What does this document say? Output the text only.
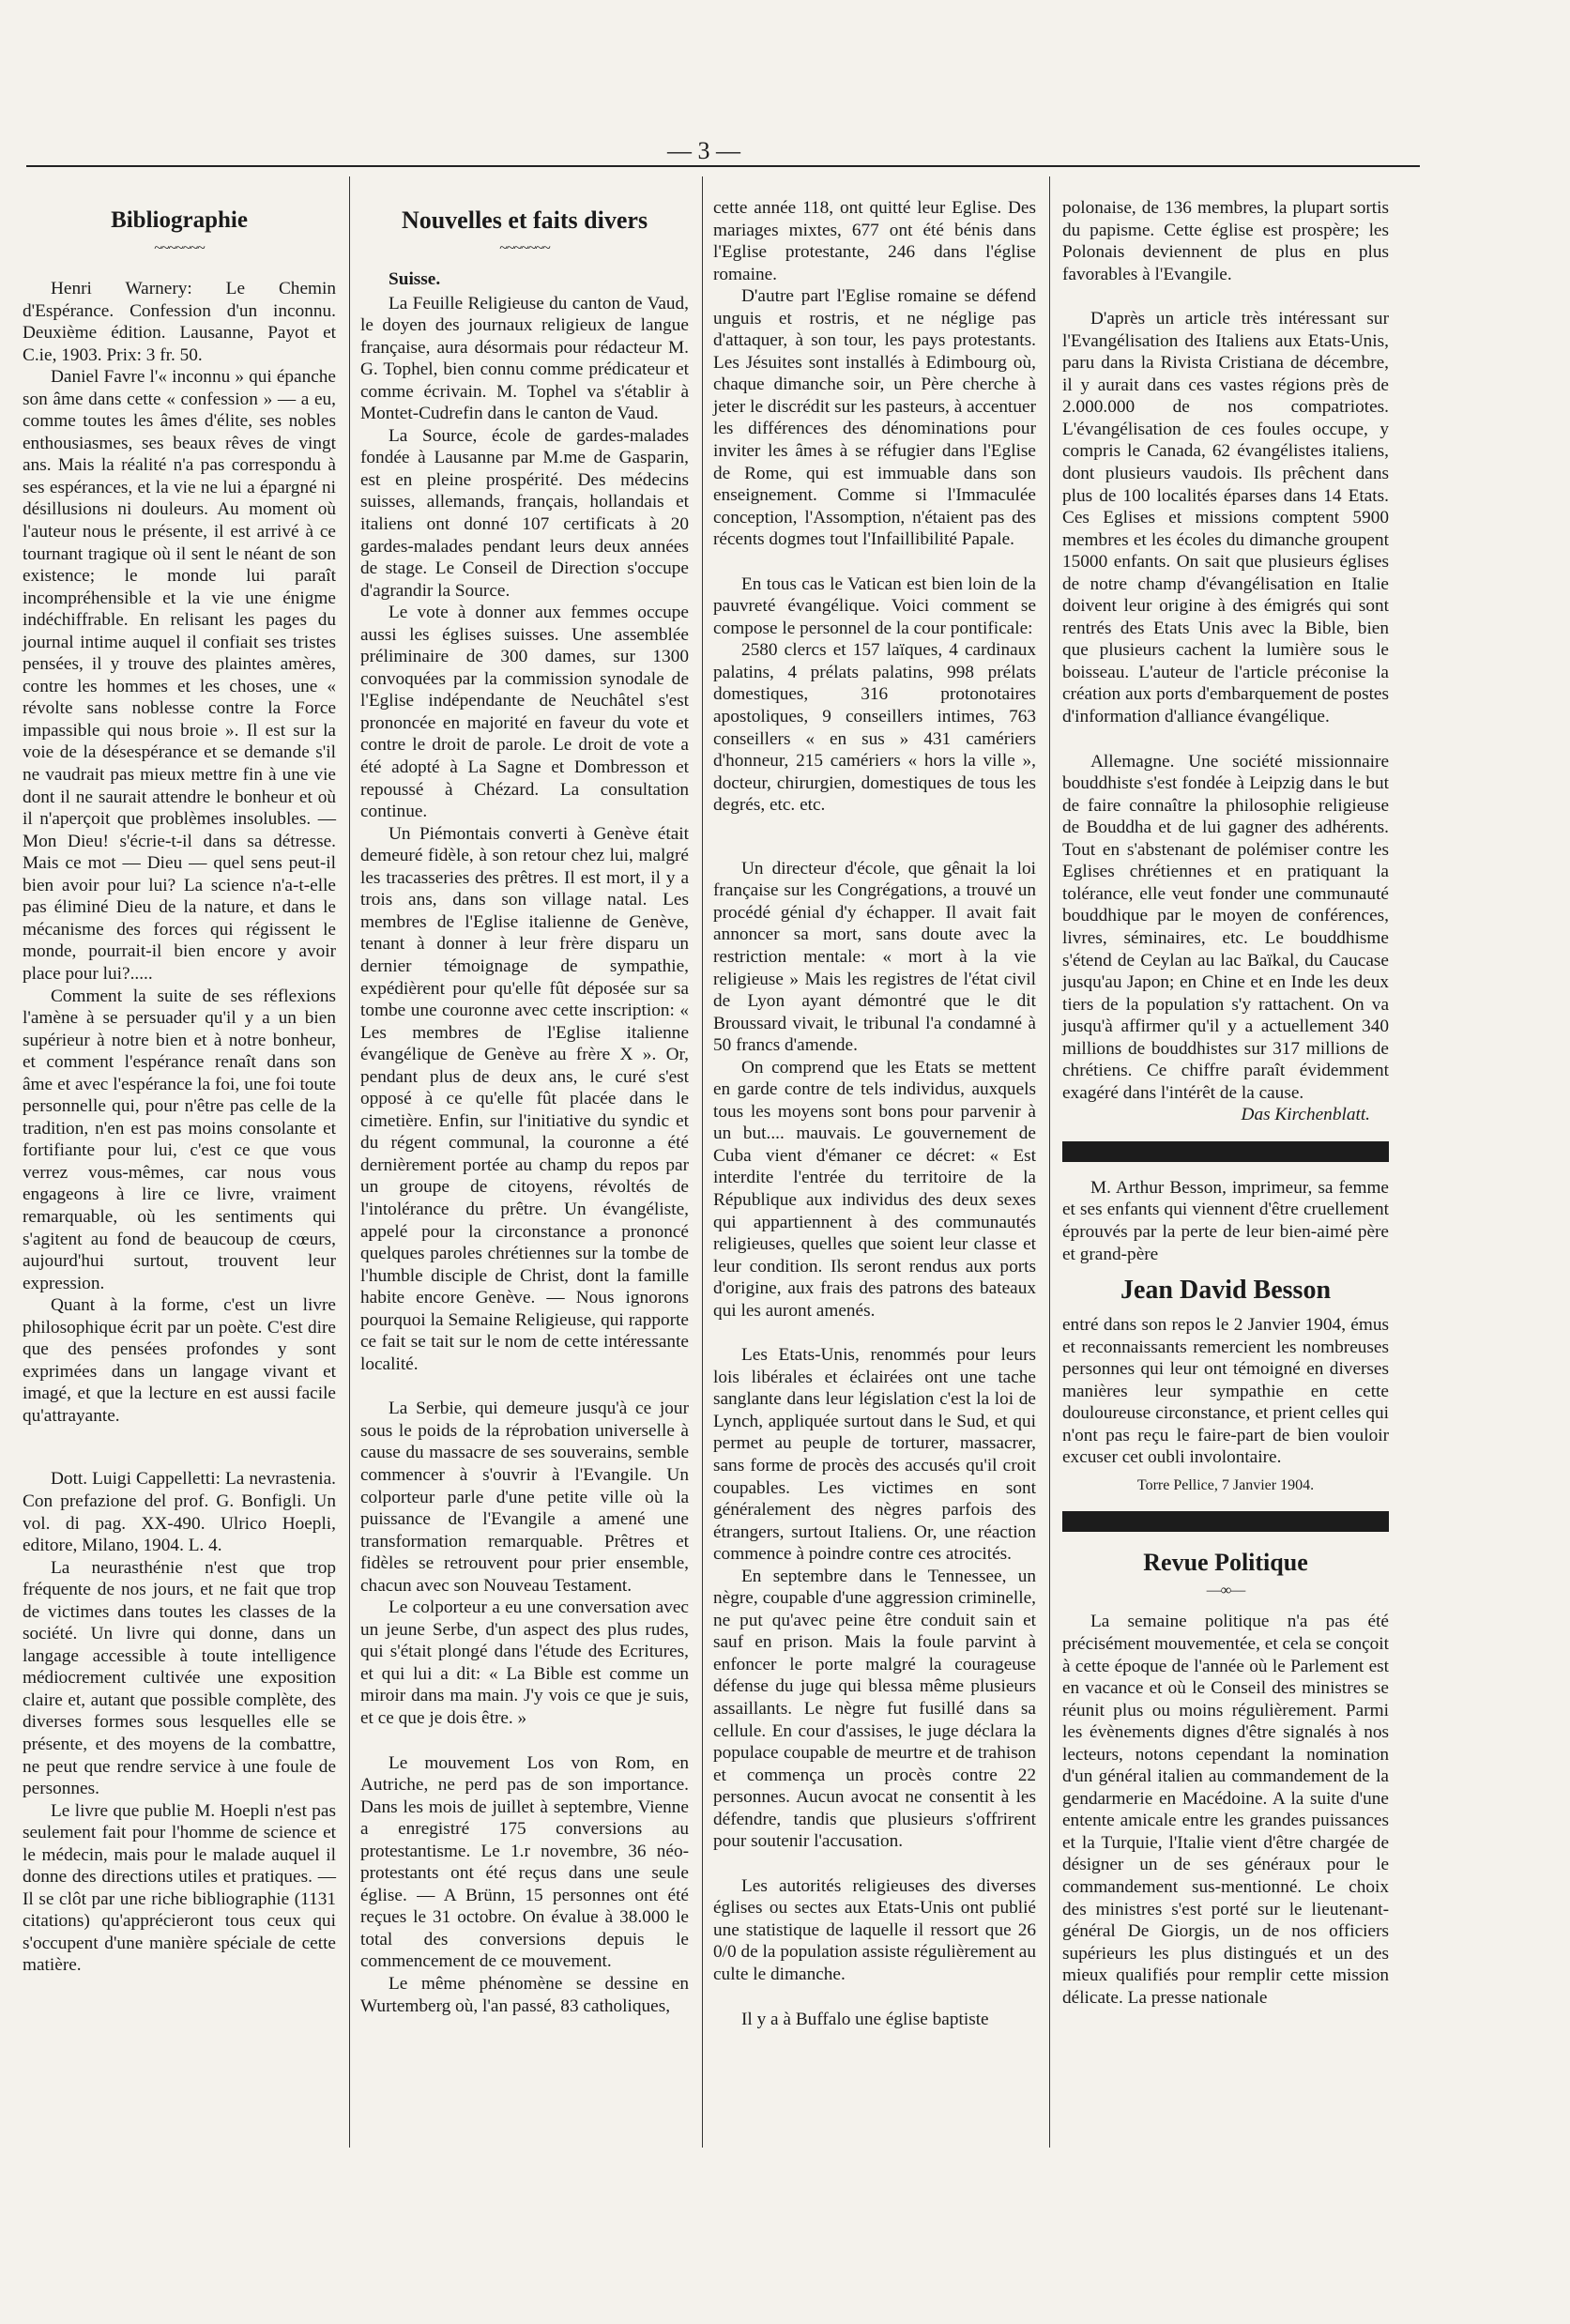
— 3 —
Bibliographie
~~~~~~~

Henri Warnery: Le Chemin d'Espérance. Confession d'un inconnu. Deuxième édition. Lausanne, Payot et C.ie, 1903. Prix: 3 fr. 50.

Daniel Favre l'« inconnu » qui épanche son âme dans cette « confession » — a eu, comme toutes les âmes d'élite, ses nobles enthousiasmes, ses beaux rêves de vingt ans. Mais la réalité n'a pas correspondu à ses espérances, et la vie ne lui a épargné ni désillusions ni douleurs. Au moment où l'auteur nous le présente, il est arrivé à ce tournant tragique où il sent le néant de son existence; le monde lui paraît incompréhensible et la vie une énigme indéchiffrable. En relisant les pages du journal intime auquel il confiait ses tristes pensées, il y trouve des plaintes amères, contre les hommes et les choses, une « révolte sans noblesse contre la Force impassible qui nous broie ». Il est sur la voie de la désespérance et se demande s'il ne vaudrait pas mieux mettre fin à une vie dont il ne saurait attendre le bonheur et où il n'aperçoit que problèmes insolubles. — Mon Dieu! s'écrie-t-il dans sa détresse. Mais ce mot — Dieu — quel sens peut-il bien avoir pour lui? La science n'a-t-elle pas éliminé Dieu de la nature, et dans le mécanisme des forces qui régissent le monde, pourrait-il bien encore y avoir place pour lui?.....

Comment la suite de ses réflexions l'amène à se persuader qu'il y a un bien supérieur à notre bien et à notre bonheur, et comment l'espérance renaît dans son âme et avec l'espérance la foi, une foi toute personnelle qui, pour n'être pas celle de la tradition, n'en est pas moins consolante et fortifiante pour lui, c'est ce que vous verrez vous-mêmes, car nous vous engageons à lire ce livre, vraiment remarquable, où les sentiments qui s'agitent au fond de beaucoup de cœurs, aujourd'hui surtout, trouvent leur expression.

Quant à la forme, c'est un livre philosophique écrit par un poète. C'est dire que des pensées profondes y sont exprimées dans un langage vivant et imagé, et que la lecture en est aussi facile qu'attrayante.

Dott. Luigi Cappelletti: La nevrastenia. Con prefazione del prof. G. Bonfigli. Un vol. di pag. XX-490. Ulrico Hoepli, editore, Milano, 1904. L. 4.

La neurasthénie n'est que trop fréquente de nos jours, et ne fait que trop de victimes dans toutes les classes de la société. Un livre qui donne, dans un langage accessible à toute intelligence médiocrement cultivée une exposition claire et, autant que possible complète, des diverses formes sous lesquelles elle se présente, et des moyens de la combattre, ne peut que rendre service à une foule de personnes.

Le livre que publie M. Hoepli n'est pas seulement fait pour l'homme de science et le médecin, mais pour le malade auquel il donne des directions utiles et pratiques. — Il se clôt par une riche bibliographie (1131 citations) qu'apprécieront tous ceux qui s'occupent d'une manière spéciale de cette matière.

Nouvelles et faits divers
~~~~~~~
Suisse.

La Feuille Religieuse du canton de Vaud, le doyen des journaux religieux de langue française, aura désormais pour rédacteur M. G. Tophel, bien connu comme prédicateur et comme écrivain. M. Tophel va s'établir à Montet-Cudrefin dans le canton de Vaud.

La Source, école de gardes-malades fondée à Lausanne par M.me de Gasparin, est en pleine prospérité. Des médecins suisses, allemands, français, hollandais et italiens ont donné 107 certificats à 20 gardes-malades pendant leurs deux années de stage. Le Conseil de Direction s'occupe d'agrandir la Source.

Le vote à donner aux femmes occupe aussi les églises suisses. Une assemblée préliminaire de 300 dames, sur 1300 convoquées par la commission synodale de l'Eglise indépendante de Neuchâtel s'est prononcée en majorité en faveur du vote et contre le droit de parole. Le droit de vote a été adopté à La Sagne et Dombresson et repoussé à Chézard. La consultation continue.

Un Piémontais converti à Genève était demeuré fidèle, à son retour chez lui, malgré les tracasseries des prêtres. Il est mort, il y a trois ans, dans son village natal. Les membres de l'Eglise italienne de Genève, tenant à donner à leur frère disparu un dernier témoignage de sympathie, expédièrent pour qu'elle fût déposée sur sa tombe une couronne avec cette inscription: « Les membres de l'Eglise italienne évangélique de Genève au frère X ». Or, pendant plus de deux ans, le curé s'est opposé à ce qu'elle fût placée dans le cimetière. Enfin, sur l'initiative du syndic et du régent communal, la couronne a été dernièrement portée au champ du repos par un groupe de citoyens, révoltés de l'intolérance du prêtre. Un évangéliste, appelé pour la circonstance a prononcé quelques paroles chrétiennes sur la tombe de l'humble disciple de Christ, dont la famille habite encore Genève. — Nous ignorons pourquoi la Semaine Religieuse, qui rapporte ce fait se tait sur le nom de cette intéressante localité.

La Serbie, qui demeure jusqu'à ce jour sous le poids de la réprobation universelle à cause du massacre de ses souverains, semble commencer à s'ouvrir à l'Evangile. Un colporteur parle d'une petite ville où la puissance de l'Evangile a amené une transformation remarquable. Prêtres et fidèles se retrouvent pour prier ensemble, chacun avec son Nouveau Testament.

Le colporteur a eu une conversation avec un jeune Serbe, d'un aspect des plus rudes, qui s'était plongé dans l'étude des Ecritures, et qui lui a dit: « La Bible est comme un miroir dans ma main. J'y vois ce que je suis, et ce que je dois être. »

Le mouvement Los von Rom, en Autriche, ne perd pas de son importance. Dans les mois de juillet à septembre, Vienne a enregistré 175 conversions au protestantisme. Le 1.r novembre, 36 néo-protestants ont été reçus dans une seule église. — A Brünn, 15 personnes ont été reçues le 31 octobre. On évalue à 38.000 le total des conversions depuis le commencement de ce mouvement.

Le même phénomène se dessine en Wurtemberg où, l'an passé, 83 catholiques,

cette année 118, ont quitté leur Eglise. Des mariages mixtes, 677 ont été bénis dans l'Eglise protestante, 246 dans l'église romaine.

D'autre part l'Eglise romaine se défend unguis et rostris, et ne néglige pas d'attaquer, à son tour, les pays protestants. Les Jésuites sont installés à Edimbourg où, chaque dimanche soir, un Père cherche à jeter le discrédit sur les pasteurs, à accentuer les différences des dénominations pour inviter les âmes à se réfugier dans l'Eglise de Rome, qui est immuable dans son enseignement. Comme si l'Immaculée conception, l'Assomption, n'étaient pas des récents dogmes tout l'Infaillibilité Papale.

En tous cas le Vatican est bien loin de la pauvreté évangélique. Voici comment se compose le personnel de la cour pontificale:

2580 clercs et 157 laïques, 4 cardinaux palatins, 4 prélats palatins, 998 prélats domestiques, 316 protonotaires apostoliques, 9 conseillers intimes, 763 conseillers « en sus » 431 camériers d'honneur, 215 camériers « hors la ville », docteur, chirurgien, domestiques de tous les degrés, etc. etc.

Un directeur d'école, que gênait la loi française sur les Congrégations, a trouvé un procédé génial d'y échapper. Il avait fait annoncer sa mort, sans doute avec la restriction mentale: « mort à la vie religieuse » Mais les registres de l'état civil de Lyon ayant démontré que le dit Broussard vivait, le tribunal l'a condamné à 50 francs d'amende.

On comprend que les Etats se mettent en garde contre de tels individus, auxquels tous les moyens sont bons pour parvenir à un but.... mauvais. Le gouvernement de Cuba vient d'émaner ce décret: « Est interdite l'entrée du territoire de la République aux individus des deux sexes qui appartiennent à des communautés religieuses, quelles que soient leur classe et leur condition. Ils seront rendus aux ports d'origine, aux frais des patrons des bateaux qui les auront amenés.

Les Etats-Unis, renommés pour leurs lois libérales et éclairées ont une tache sanglante dans leur législation c'est la loi de Lynch, appliquée surtout dans le Sud, et qui permet au peuple de torturer, massacrer, sans forme de procès des accusés qu'il croit coupables. Les victimes en sont généralement des nègres parfois des étrangers, surtout Italiens. Or, une réaction commence à poindre contre ces atrocités.

En septembre dans le Tennessee, un nègre, coupable d'une aggression criminelle, ne put qu'avec peine être conduit sain et sauf en prison. Mais la foule parvint à enfoncer le porte malgré la courageuse défense du juge qui blessa même plusieurs assaillants. Le nègre fut fusillé dans sa cellule. En cour d'assises, le juge déclara la populace coupable de meurtre et de trahison et commença un procès contre 22 personnes. Aucun avocat ne consentit à les défendre, tandis que plusieurs s'offrirent pour soutenir l'accusation.

Les autorités religieuses des diverses églises ou sectes aux Etats-Unis ont publié une statistique de laquelle il ressort que 26 0/0 de la population assiste régulièrement au culte le dimanche.

Il y a à Buffalo une église baptiste

polonaise, de 136 membres, la plupart sortis du papisme. Cette église est prospère; les Polonais deviennent de plus en plus favorables à l'Evangile.

D'après un article très intéressant sur l'Evangélisation des Italiens aux Etats-Unis, paru dans la Rivista Cristiana de décembre, il y aurait dans ces vastes régions près de 2.000.000 de nos compatriotes. L'évangélisation de ces foules occupe, y compris le Canada, 62 évangélistes italiens, dont plusieurs vaudois. Ils prêchent dans plus de 100 localités éparses dans 14 Etats. Ces Eglises et missions comptent 5900 membres et les écoles du dimanche groupent 15000 enfants. On sait que plusieurs églises de notre champ d'évangélisation en Italie doivent leur origine à des émigrés qui sont rentrés des Etats Unis avec la Bible, bien que plusieurs cachent la lumière sous le boisseau. L'auteur de l'article préconise la création aux ports d'embarquement de postes d'information d'alliance évangélique.

Allemagne. Une société missionnaire bouddhiste s'est fondée à Leipzig dans le but de faire connaître la philosophie religieuse de Bouddha et de lui gagner des adhérents. Tout en s'abstenant de polémiser contre les Eglises chrétiennes et en pratiquant la tolérance, elle veut fonder une communauté bouddhique par le moyen de conférences, livres, séminaires, etc. Le bouddhisme s'étend de Ceylan au lac Baïkal, du Caucase jusqu'au Japon; en Chine et en Inde les deux tiers de la population s'y rattachent. On va jusqu'à affirmer qu'il y a actuellement 340 millions de bouddhistes sur 317 millions de chrétiens. Ce chiffre paraît évidemment exagéré dans l'intérêt de la cause.

Das Kirchenblatt.

M. Arthur Besson, imprimeur, sa femme et ses enfants qui viennent d'être cruellement éprouvés par la perte de leur bien-aimé père et grand-père

Jean David Besson

entré dans son repos le 2 Janvier 1904, émus et reconnaissants remercient les nombreuses personnes qui leur ont témoigné en diverses manières leur sympathie en cette douloureuse circonstance, et prient celles qui n'ont pas reçu le faire-part de bien vouloir excuser cet oubli involontaire.

Torre Pellice, 7 Janvier 1904.
Revue Politique
—∞—

La semaine politique n'a pas été précisément mouvementée, et cela se conçoit à cette époque de l'année où le Parlement est en vacance et où le Conseil des ministres se réunit plus ou moins régulièrement. Parmi les évènements dignes d'être signalés à nos lecteurs, notons cependant la nomination d'un général italien au commandement de la gendarmerie en Macédoine. A la suite d'une entente amicale entre les grandes puissances et la Turquie, l'Italie vient d'être chargée de désigner un de ses généraux pour le commandement sus-mentionné. Le choix des ministres s'est porté sur le lieutenant-général De Giorgis, un de nos officiers supérieurs les plus distingués et un des mieux qualifiés pour remplir cette mission délicate. La presse nationale
